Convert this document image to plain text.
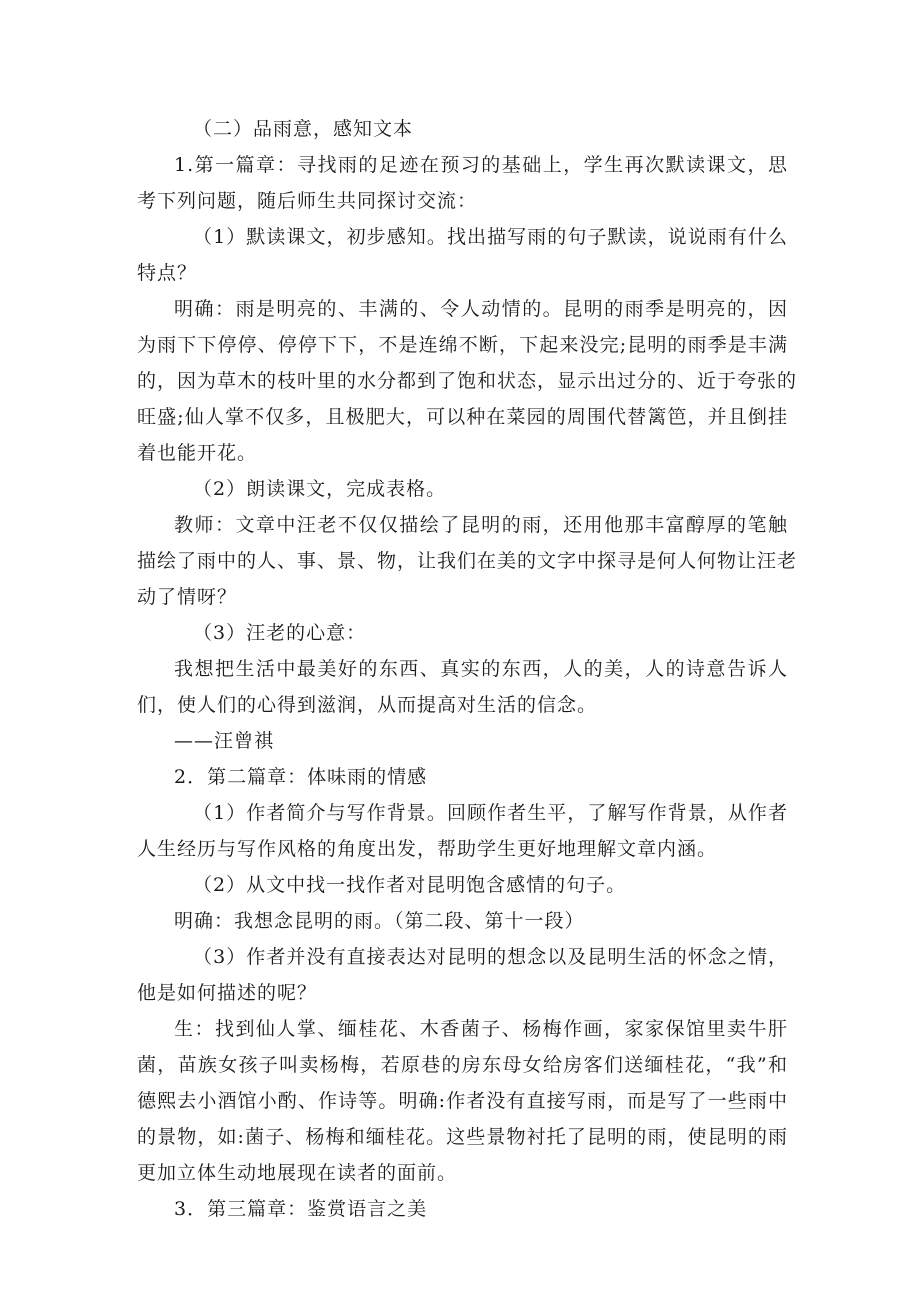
（二）品雨意，感知文本
1.第一篇章：寻找雨的足迹在预习的基础上，学生再次默读课文，思
考下列问题，随后师生共同探讨交流：
（1）默读课文，初步感知。找出描写雨的句子默读，说说雨有什么
特点？
明确：雨是明亮的、丰满的、令人动情的。昆明的雨季是明亮的，因
为雨下下停停、停停下下，不是连绵不断，下起来没完;昆明的雨季是丰满
的，因为草木的枝叶里的水分都到了饱和状态，显示出过分的、近于夸张的
旺盛;仙人掌不仅多，且极肥大，可以种在菜园的周围代替篱笆，并且倒挂
着也能开花。
（2）朗读课文，完成表格。
教师：文章中汪老不仅仅描绘了昆明的雨，还用他那丰富醇厚的笔触
描绘了雨中的人、事、景、物，让我们在美的文字中探寻是何人何物让汪老
动了情呀？
（3）汪老的心意：
我想把生活中最美好的东西、真实的东西，人的美，人的诗意告诉人
们，使人们的心得到滋润，从而提高对生活的信念。
——汪曾祺
2．第二篇章：体味雨的情感
（1）作者简介与写作背景。回顾作者生平，了解写作背景，从作者
人生经历与写作风格的角度出发，帮助学生更好地理解文章内涵。
（2）从文中找一找作者对昆明饱含感情的句子。
明确：我想念昆明的雨。（第二段、第十一段）
（3）作者并没有直接表达对昆明的想念以及昆明生活的怀念之情，
他是如何描述的呢？
生：找到仙人掌、缅桂花、木香菌子、杨梅作画，家家保馆里卖牛肝
菌，苗族女孩子叫卖杨梅，若原巷的房东母女给房客们送缅桂花，“我”和
德熙去小酒馆小酌、作诗等。明确:作者没有直接写雨，而是写了一些雨中
的景物，如:菌子、杨梅和缅桂花。这些景物衬托了昆明的雨，使昆明的雨
更加立体生动地展现在读者的面前。
3．第三篇章：鉴赏语言之美
